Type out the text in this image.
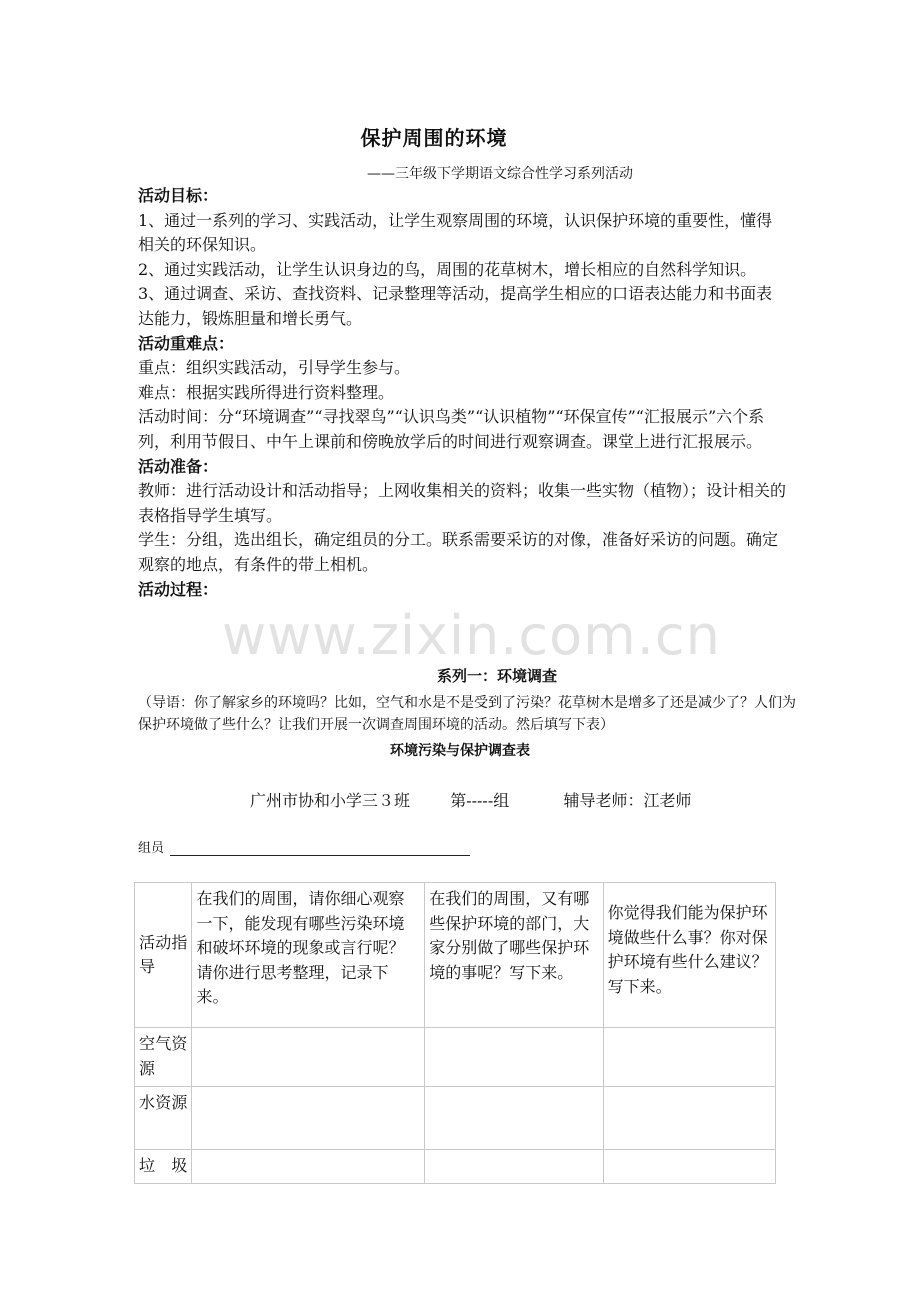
保护周围的环境
——三年级下学期语文综合性学习系列活动

活动目标：

1、通过一系列的学习、实践活动，让学生观察周围的环境，认识保护环境的重要性，懂得相关的环保知识。

2、通过实践活动，让学生认识身边的鸟，周围的花草树木，增长相应的自然科学知识。

3、通过调查、采访、查找资料、记录整理等活动，提高学生相应的口语表达能力和书面表达能力，锻炼胆量和增长勇气。

活动重难点：

重点：组织实践活动，引导学生参与。

难点：根据实践所得进行资料整理。

活动时间：分“环境调查”“寻找翠鸟”“认识鸟类”“认识植物”“环保宣传”“汇报展示”六个系列，利用节假日、中午上课前和傍晚放学后的时间进行观察调查。课堂上进行汇报展示。

活动准备：

教师：进行活动设计和活动指导；上网收集相关的资料；收集一些实物（植物）；设计相关的表格指导学生填写。

学生：分组，选出组长，确定组员的分工。联系需要采访的对像，准备好采访的问题。确定观察的地点，有条件的带上相机。

活动过程：

www.zixin.com.cn
系列一：环境调查
（导语：你了解家乡的环境吗？比如，空气和水是不是受到了污染？花草树木是增多了还是减少了？人们为保护环境做了些什么？让我们开展一次调查周围环境的活动。然后填写下表）
环境污染与保护调查表
广州市协和小学三３班	第-----组	辅导老师：江老师
组员
活动指导	在我们的周围，请你细心观察一下，能发现有哪些污染环境和破坏环境的现象或言行呢？请你进行思考整理，记录下来。	在我们的周围，又有哪些保护环境的部门，大家分别做了哪些保护环境的事呢？写下来。	你觉得我们能为保护环境做些什么事？你对保护环境有些什么建议？写下来。
空气资源			
水资源			
垃圾			
